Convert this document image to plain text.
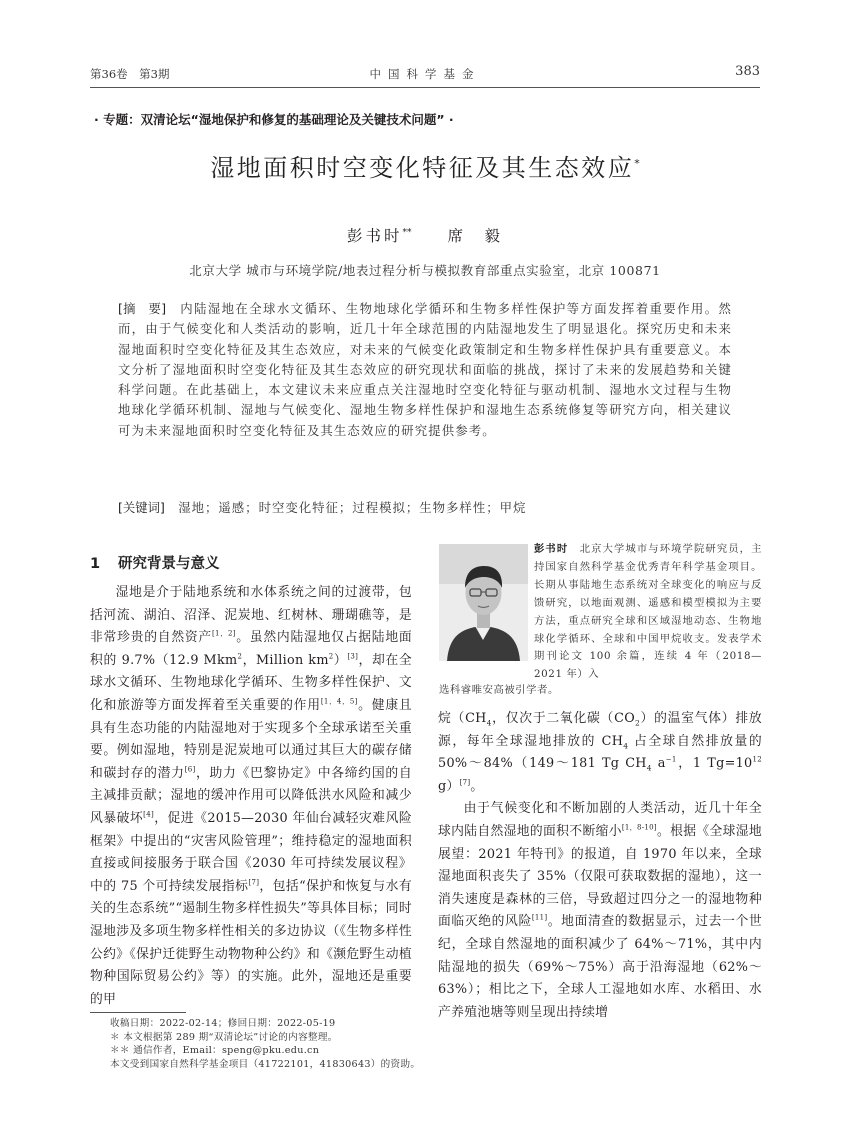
第36卷　第3期	中国科学基金	383
· 专题：双清论坛“湿地保护和修复的基础理论及关键技术问题” ·
湿地面积时空变化特征及其生态效应*
彭书时** 席　毅
北京大学 城市与环境学院/地表过程分析与模拟教育部重点实验室，北京 100871
[摘　要]　 内陆湿地在全球水文循环、生物地球化学循环和生物多样性保护等方面发挥着重要作用。然而，由于气候变化和人类活动的影响，近几十年全球范围的内陆湿地发生了明显退化。探究历史和未来湿地面积时空变化特征及其生态效应，对未来的气候变化政策制定和生物多样性保护具有重要意义。本文分析了湿地面积时空变化特征及其生态效应的研究现状和面临的挑战，探讨了未来的发展趋势和关键科学问题。在此基础上，本文建议未来应重点关注湿地时空变化特征与驱动机制、湿地水文过程与生物地球化学循环机制、湿地与气候变化、湿地生物多样性保护和湿地生态系统修复等研究方向，相关建议可为未来湿地面积时空变化特征及其生态效应的研究提供参考。
[关键词]　 湿地；遥感；时空变化特征；过程模拟；生物多样性；甲烷
1 研究背景与意义

湿地是介于陆地系统和水体系统之间的过渡带，包括河流、湖泊、沼泽、泥炭地、红树林、珊瑚礁等，是非常珍贵的自然资产[1，2]。虽然内陆湿地仅占据陆地面积的 9.7%（12.9 Mkm$^2$，Million km$^2$）[3]，却在全球水文循环、生物地球化学循环、生物多样性保护、文化和旅游等方面发挥着至关重要的作用[1，4，5]。健康且具有生态功能的内陆湿地对于实现多个全球承诺至关重要。例如湿地，特别是泥炭地可以通过其巨大的碳存储和碳封存的潜力[6]，助力《巴黎协定》中各缔约国的自主减排贡献；湿地的缓冲作用可以降低洪水风险和减少风暴破坏[4]，促进《2015—2030 年仙台减轻灾难风险框架》中提出的“灾害风险管理”；维持稳定的湿地面积直接或间接服务于联合国《2030 年可持续发展议程》中的 75 个可持续发展指标[7]，包括“保护和恢复与水有关的生态系统”“遏制生物多样性损失”等具体目标；同时湿地涉及多项生物多样性相关的多边协议（《生物多样性公约》《保护迁徙野生动物物种公约》和《濒危野生动植物种国际贸易公约》等）的实施。此外，湿地还是重要的甲

彭书时　 北京大学城市与环境学院研究员，主持国家自然科学基金优秀青年科学基金项目。长期从事陆地生态系统对全球变化的响应与反馈研究，以地面观测、遥感和模型模拟为主要方法，重点研究全球和区域湿地动态、生物地球化学循环、全球和中国甲烷收支。发表学术期刊论文 100 余篇，连续 4 年（2018—2021 年）入
选科睿唯安高被引学者。

烷（$CH_4$，仅次于二氧化碳$(CO_2)$的温室气体）排放源，每年全球湿地排放的 $CH_4$ 占全球自然排放量的 50%～84%（149～181 Tg $CH_4$ a$^{-1}$，1 Tg=10$^{12}$ g）[7]。

由于气候变化和不断加剧的人类活动，近几十年全球内陆自然湿地的面积不断缩小[1，8-10]。根据《全球湿地展望：2021 年特刊》的报道，自 1970 年以来，全球湿地面积丧失了 35%（仅限可获取数据的湿地），这一消失速度是森林的三倍，导致超过四分之一的湿地物种面临灭绝的风险[11]。地面清查的数据显示，过去一个世纪，全球自然湿地的面积减少了 64%～71%，其中内陆湿地的损失（69%～75%）高于沿海湿地（62%～63%）；相比之下，全球人工湿地如水库、水稻田、水产养殖池塘等则呈现出持续增

收稿日期：2022-02-14；修回日期：2022-05-19
＊ 本文根据第 289 期“双清论坛”讨论的内容整理。
＊＊ 通信作者，Email：speng@pku.edu.cn
本文受到国家自然科学基金项目（41722101，41830643）的资助。
